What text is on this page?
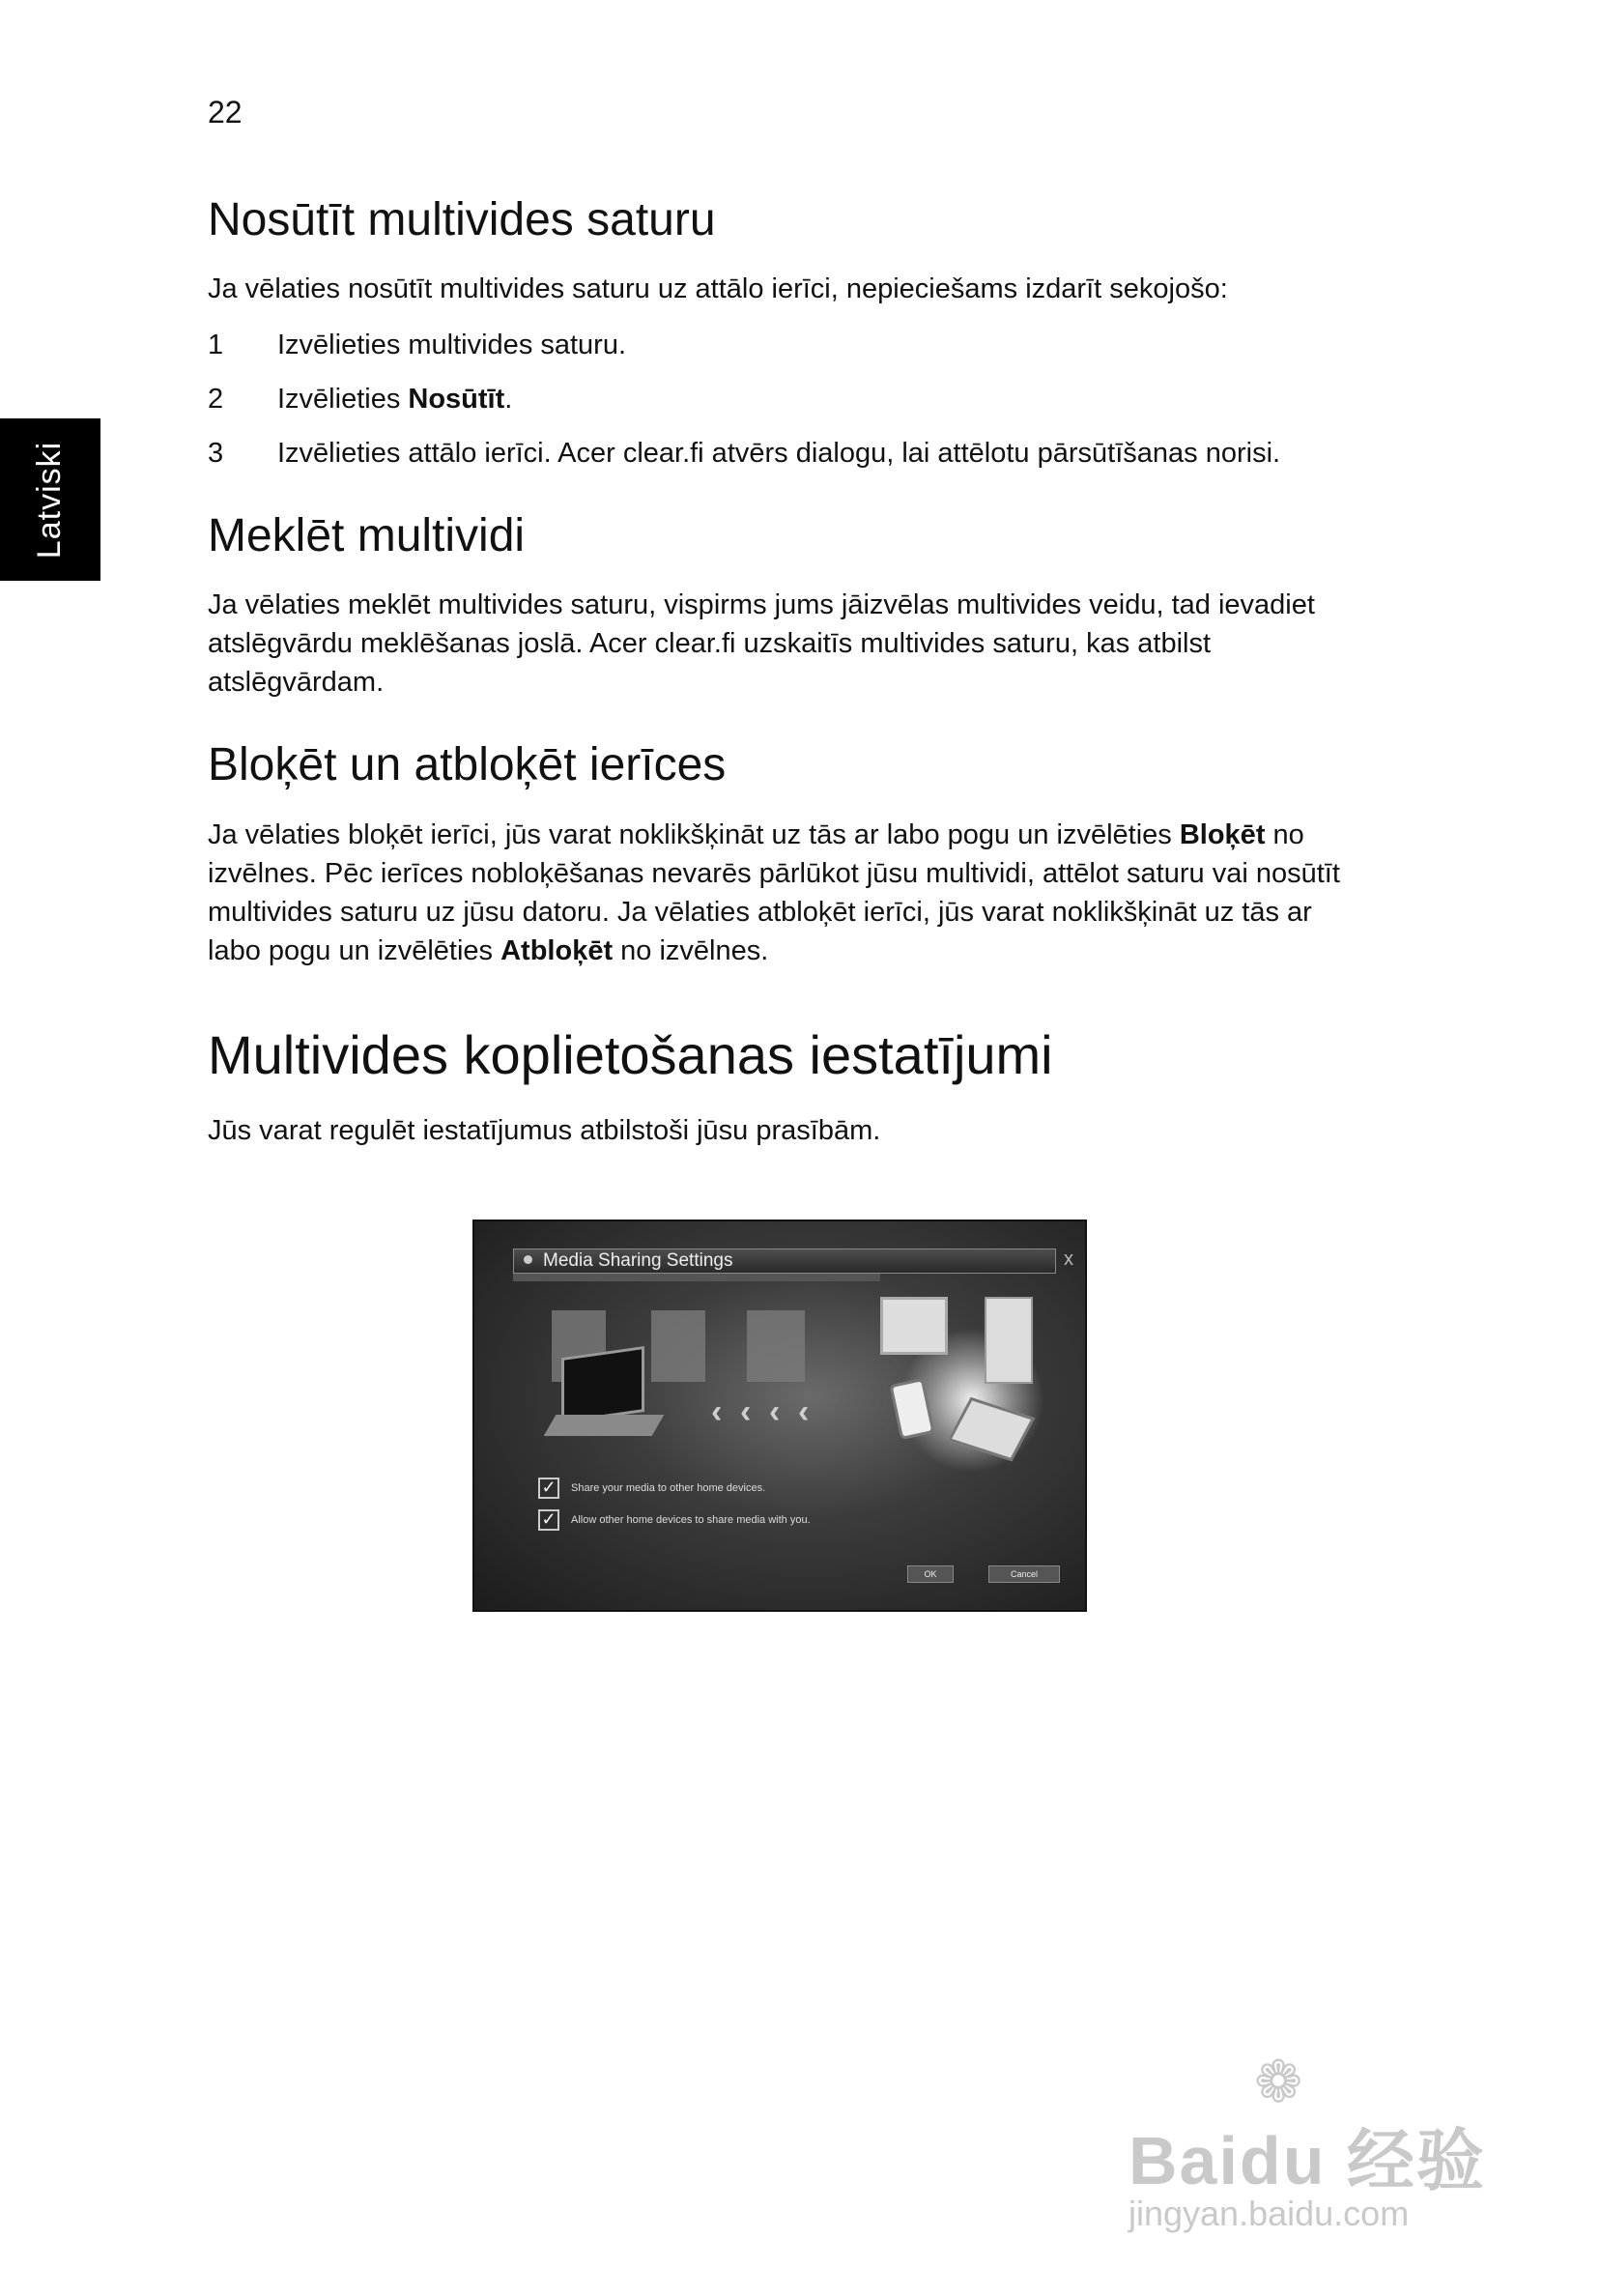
22
Latviski
Nosūtīt multivides saturu

Ja vēlaties nosūtīt multivides saturu uz attālo ierīci, nepieciešams izdarīt sekojošo:

1	Izvēlieties multivides saturu.
2	Izvēlieties Nosūtīt.
3	Izvēlieties attālo ierīci. Acer clear.fi atvērs dialogu, lai attēlotu pārsūtīšanas norisi.
Meklēt multividi

Ja vēlaties meklēt multivides saturu, vispirms jums jāizvēlas multivides veidu, tad ievadiet atslēgvārdu meklēšanas joslā. Acer clear.fi uzskaitīs multivides saturu, kas atbilst atslēgvārdam.

Bloķēt un atbloķēt ierīces

Ja vēlaties bloķēt ierīci, jūs varat noklikšķināt uz tās ar labo pogu un izvēlēties Bloķēt no izvēlnes. Pēc ierīces nobloķēšanas nevarēs pārlūkot jūsu multividi, attēlot saturu vai nosūtīt multivides saturu uz jūsu datoru. Ja vēlaties atbloķēt ierīci, jūs varat noklikšķināt uz tās ar labo pogu un izvēlēties Atbloķēt no izvēlnes.

Multivides koplietošanas iestatījumi

Jūs varat regulēt iestatījumus atbilstoši jūsu prasībām.

Media Sharing Settings	x
‹ ‹ ‹ ‹
✓	Share your media to other home devices.
✓	Allow other home devices to share media with you.
OK	Cancel
❁
Baidu 经验
jingyan.baidu.com
